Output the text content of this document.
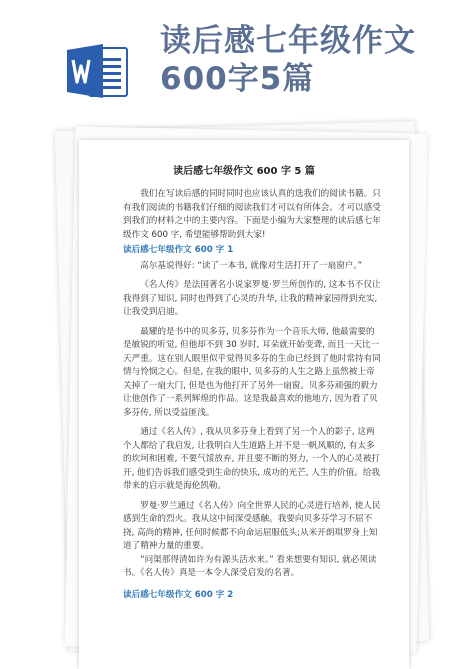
读后感七年级作文
600字5篇
读后感七年级作文 600 字 5 篇

我们在写读后感的同时同时也应该认真的选我们的阅读书籍。只有我们阅读的书籍我们仔细的阅读我们才可以有所体会。才可以感受到我们的材料之中的主要内容。下面是小编为大家整理的读后感七年级作文 600 字, 希望能够帮助到大家!

读后感七年级作文 600 字 1

高尔基说得好: “读了一本书, 就像对生活打开了一扇窗户。”

《名人传》是法国著名小说家罗曼·罗兰所创作的, 这本书不仅让我得到了知识, 同时也得到了心灵的升华, 让我的精神家园得到充实, 让我受到启迪。

最耀的是书中的贝多芬, 贝多芬作为一个音乐大师, 他最需要的是敏锐的听觉, 但他却不到 30 岁时, 耳朵就开始变聋, 而且一天比一天严重。这在别人眼里似乎觉得贝多芬的生命已经到了他时常持有同情与怜悯之心。但是, 在我的眼中, 贝多芬的人生之路上虽然被上帝关掉了一扇大门, 但是也为他打开了另外一扇窗。贝多芬顽强的毅力让他创作了一系列辉煌的作品。这是我最喜欢的他地方, 因为看了贝多芬传, 所以受益匪浅。

通过《名人传》, 我从贝多芬身上看到了另一个人的影子, 这两个人都给了我启发, 让我明白人生道路上并不是一帆风顺的, 有太多的坎坷和困难, 不要气馁放弃, 并且要不断的努力, 一个人的心灵被打开, 他们告诉我们感受到生命的快乐, 成功的光芒, 人生的价值。给我带来的启示就是海伦凯勒。

罗曼·罗兰通过《名人传》向全世界人民的心灵进行培养, 使人民感到生命的烈火。我从这中间深受感触。我要向贝多芬学习不屈不挠, 高尚的精神, 任何时候都不向命运屈服低头;从米开朗琪罗身上知道了精神力量的重要。

“问渠那得清如许为有源头活水来。” 看来想要有知识, 就必须读书。《名人传》真是一本令人深受启发的名著。

读后感七年级作文 600 字 2
